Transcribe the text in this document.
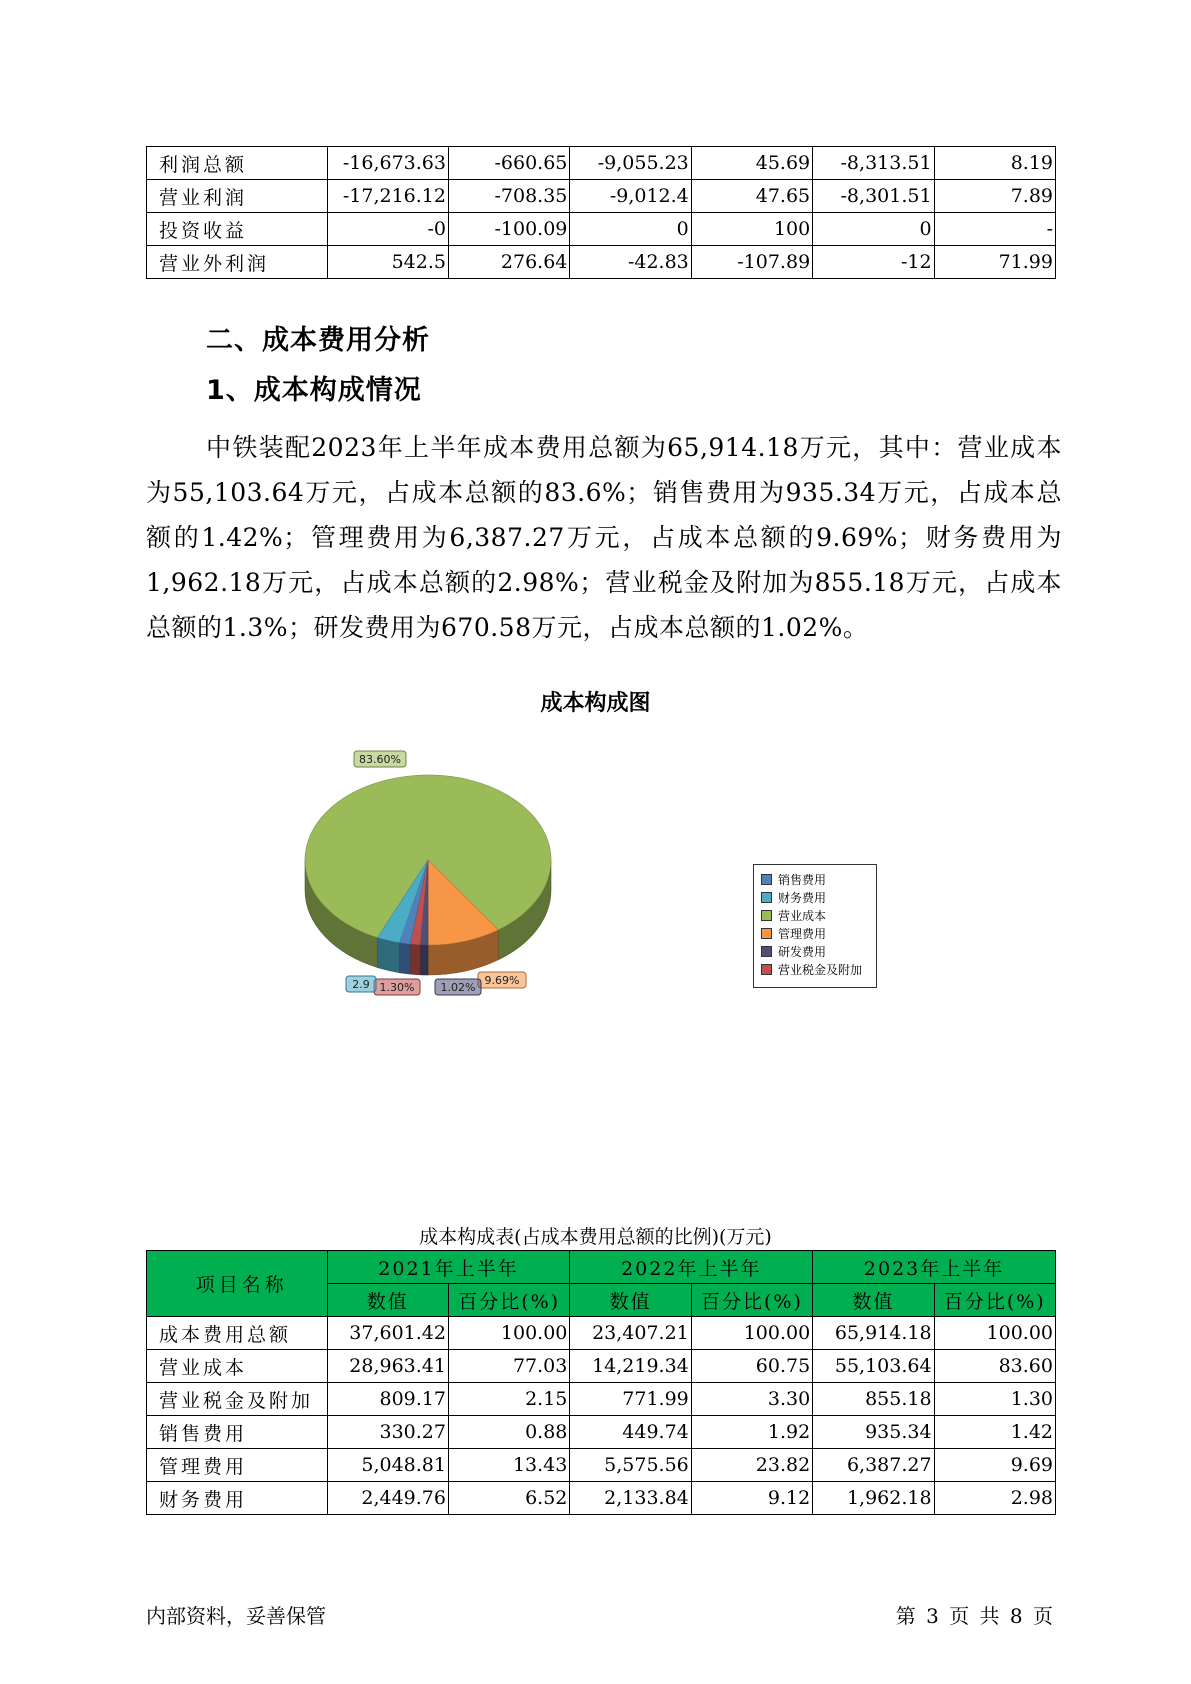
利润总额	-16,673.63	-660.65	-9,055.23	45.69	-8,313.51	8.19
营业利润	-17,216.12	-708.35	-9,012.4	47.65	-8,301.51	7.89
投资收益	-0	-100.09	0	100	0	-
营业外利润	542.5	276.64	-42.83	-107.89	-12	71.99
二、成本费用分析
1、成本构成情况
中铁装配2023年上半年成本费用总额为65,914.18万元，其中：营业成本为55,103.64万元，占成本总额的83.6%；销售费用为935.34万元，占成本总额的1.42%；管理费用为6,387.27万元，占成本总额的9.69%；财务费用为1,962.18万元，占成本总额的2.98%；营业税金及附加为855.18万元，占成本总额的1.3%；研发费用为670.58万元，占成本总额的1.02%。
成本构成图
83.60%
9.69%
1.02%
1.30%
2.9
销售费用
财务费用
营业成本
管理费用
研发费用
营业税金及附加
成本构成表(占成本费用总额的比例)(万元)
项目名称	2021年上半年		2022年上半年		2023年上半年	
	数值	百分比(%)	数值	百分比(%)	数值	百分比(%)
成本费用总额	37,601.42	100.00	23,407.21	100.00	65,914.18	100.00
营业成本	28,963.41	77.03	14,219.34	60.75	55,103.64	83.60
营业税金及附加	809.17	2.15	771.99	3.30	855.18	1.30
销售费用	330.27	0.88	449.74	1.92	935.34	1.42
管理费用	5,048.81	13.43	5,575.56	23.82	6,387.27	9.69
财务费用	2,449.76	6.52	2,133.84	9.12	1,962.18	2.98
内部资料，妥善保管	第 3 页 共 8 页
